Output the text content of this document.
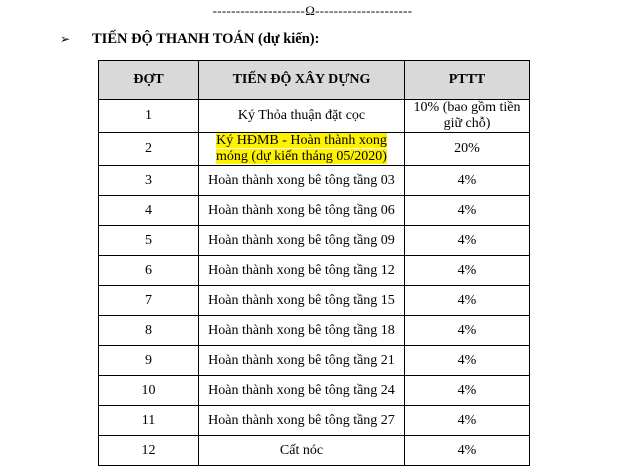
--------------------Ω---------------------
➢ TIẾN ĐỘ THANH TOÁN (dự kiến):
ĐỢT	TIẾN ĐỘ XÂY DỰNG	PTTT
1	Ký Thỏa thuận đặt cọc	10% (bao gồm tiền giữ chỗ)
2	Ký HĐMB - Hoàn thành xong móng (dự kiến tháng 05/2020)	20%
3	Hoàn thành xong bê tông tầng 03	4%
4	Hoàn thành xong bê tông tầng 06	4%
5	Hoàn thành xong bê tông tầng 09	4%
6	Hoàn thành xong bê tông tầng 12	4%
7	Hoàn thành xong bê tông tầng 15	4%
8	Hoàn thành xong bê tông tầng 18	4%
9	Hoàn thành xong bê tông tầng 21	4%
10	Hoàn thành xong bê tông tầng 24	4%
11	Hoàn thành xong bê tông tầng 27	4%
12	Cất nóc	4%
